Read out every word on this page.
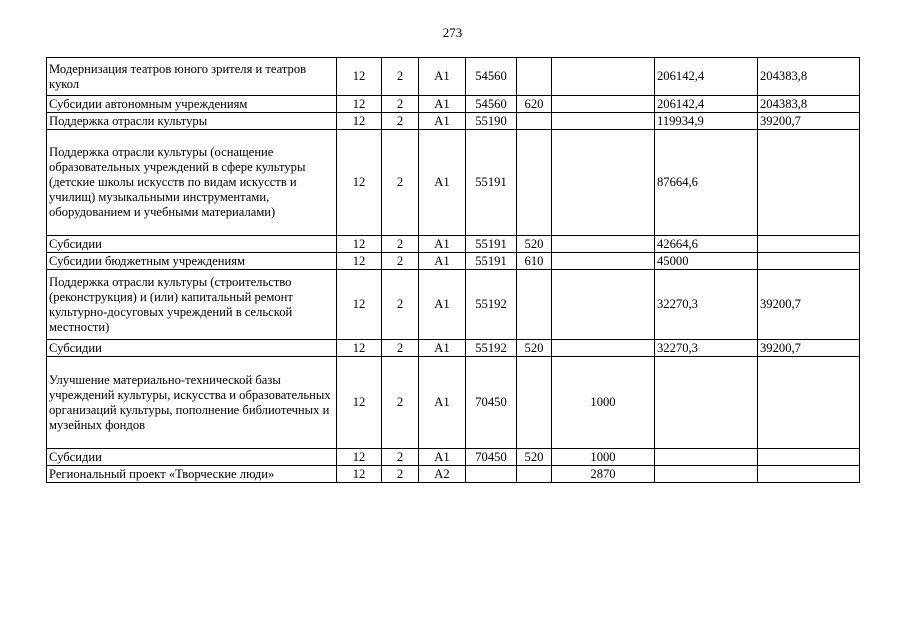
273
Модернизация театров юного зрителя и театров кукол	12	2	А1	54560			206142,4	204383,8
Субсидии автономным учреждениям	12	2	А1	54560	620		206142,4	204383,8
Поддержка отрасли культуры	12	2	А1	55190			119934,9	39200,7
Поддержка отрасли культуры (оснащение образовательных учреждений в сфере культуры (детские школы искусств по видам искусств и училищ) музыкальными инструментами, оборудованием и учебными материалами)	12	2	А1	55191			87664,6	
Субсидии	12	2	А1	55191	520		42664,6	
Субсидии бюджетным учреждениям	12	2	А1	55191	610		45000	
Поддержка отрасли культуры (строительство (реконструкция) и (или) капитальный ремонт культурно-досуговых учреждений в сельской местности)	12	2	А1	55192			32270,3	39200,7
Субсидии	12	2	А1	55192	520		32270,3	39200,7
Улучшение материально-технической базы учреждений культуры, искусства и образовательных организаций культуры, пополнение библиотечных и музейных фондов	12	2	А1	70450		1000		
Субсидии	12	2	А1	70450	520	1000		
Региональный проект «Творческие люди»	12	2	А2			2870		
